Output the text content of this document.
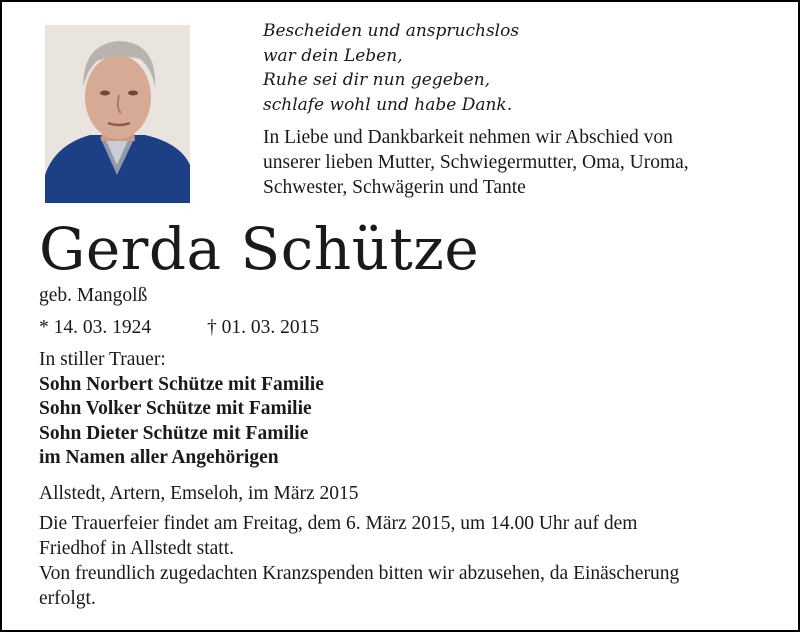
Bescheiden und anspruchslos
war dein Leben,
Ruhe sei dir nun gegeben,
schlafe wohl und habe Dank.
In Liebe und Dankbarkeit nehmen wir Abschied von
unserer lieben Mutter, Schwiegermutter, Oma, Uroma,
Schwester, Schwägerin und Tante
Gerda Schütze
geb. Mangolß
* 14. 03. 1924	† 01. 03. 2015
In stiller Trauer:
Sohn Norbert Schütze mit Familie
Sohn Volker Schütze mit Familie
Sohn Dieter Schütze mit Familie
im Namen aller Angehörigen
Allstedt, Artern, Emseloh, im März 2015
Die Trauerfeier findet am Freitag, dem 6. März 2015, um 14.00 Uhr auf dem
Friedhof in Allstedt statt.
Von freundlich zugedachten Kranzspenden bitten wir abzusehen, da Einäscherung
erfolgt.
